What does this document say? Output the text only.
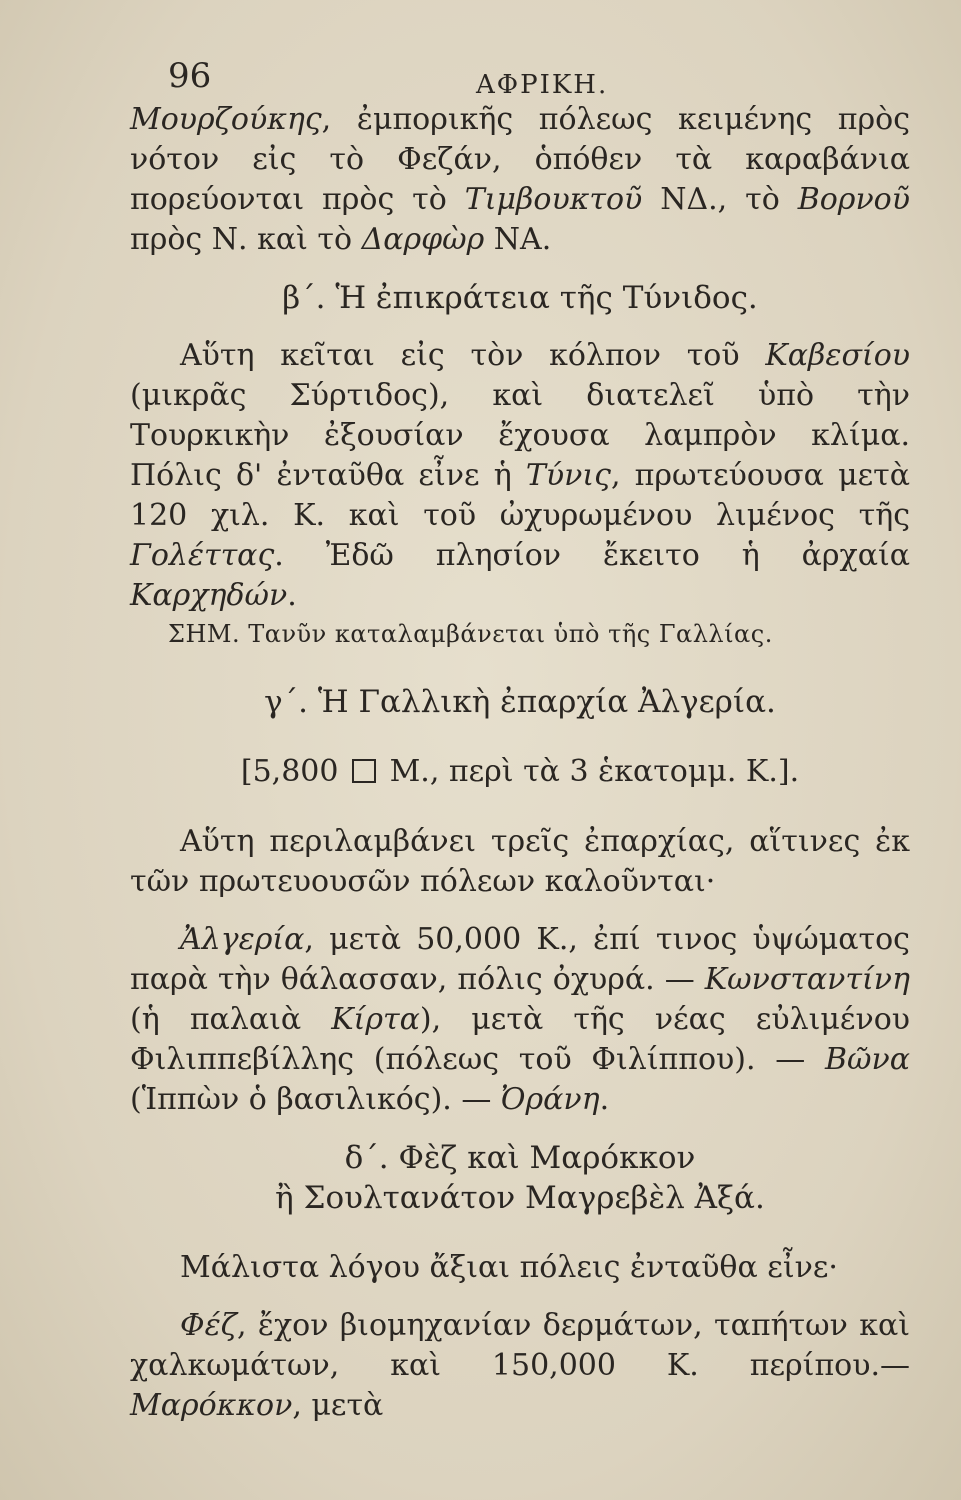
96	ΑΦΡΙΚΗ.

Μουρζούκης, ἐμπορικῆς πόλεως κειμένης πρὸς νότον εἰς τὸ Φεζάν, ὁπόθεν τὰ καραβάνια πορεύονται πρὸς τὸ Τιμβουκτοῦ ΝΔ., τὸ Βορνοῦ πρὸς Ν. καὶ τὸ Δαρφὼρ ΝΑ.

β΄. Ἡ ἐπικράτεια τῆς Τύνιδος.

Αὕτη κεῖται εἰς τὸν κόλπον τοῦ Καβεσίου (μικρᾶς Σύρτιδος), καὶ διατελεῖ ὑπὸ τὴν Τουρκικὴν ἐξουσίαν ἔχουσα λαμπρὸν κλίμα. Πόλις δ' ἐνταῦθα εἶνε ἡ Τύνις, πρωτεύουσα μετὰ 120 χιλ. Κ. καὶ τοῦ ὠχυρωμένου λιμένος τῆς Γολέττας. Ἐδῶ πλησίον ἔκειτο ἡ ἀρχαία Καρχηδών.

ΣΗΜ. Τανῦν καταλαμβάνεται ὑπὸ τῆς Γαλλίας.

γ΄. Ἡ Γαλλικὴ ἐπαρχία Ἀλγερία.

[5,800 Μ., περὶ τὰ 3 ἑκατομμ. Κ.].

Αὕτη περιλαμβάνει τρεῖς ἐπαρχίας, αἵτινες ἐκ τῶν πρωτευουσῶν πόλεων καλοῦνται·

Ἀλγερία, μετὰ 50,000 Κ., ἐπί τινος ὑψώματος παρὰ τὴν θάλασσαν, πόλις ὀχυρά. — Κωνσταντίνη (ἡ παλαιὰ Κίρτα), μετὰ τῆς νέας εὐλιμένου Φιλιππεβίλλης (πόλεως τοῦ Φιλίππου). — Βῶνα (Ἱππὼν ὁ βασιλικός). — Ὀράνη.

δ΄. Φὲζ καὶ Μαρόκκον

ἢ Σουλτανάτον Μαγρεβὲλ Ἀξά.

Μάλιστα λόγου ἄξιαι πόλεις ἐνταῦθα εἶνε·

Φέζ, ἔχον βιομηχανίαν δερμάτων, ταπήτων καὶ χαλκωμάτων, καὶ 150,000 Κ. περίπου.— Μαρόκκον, μετὰ
